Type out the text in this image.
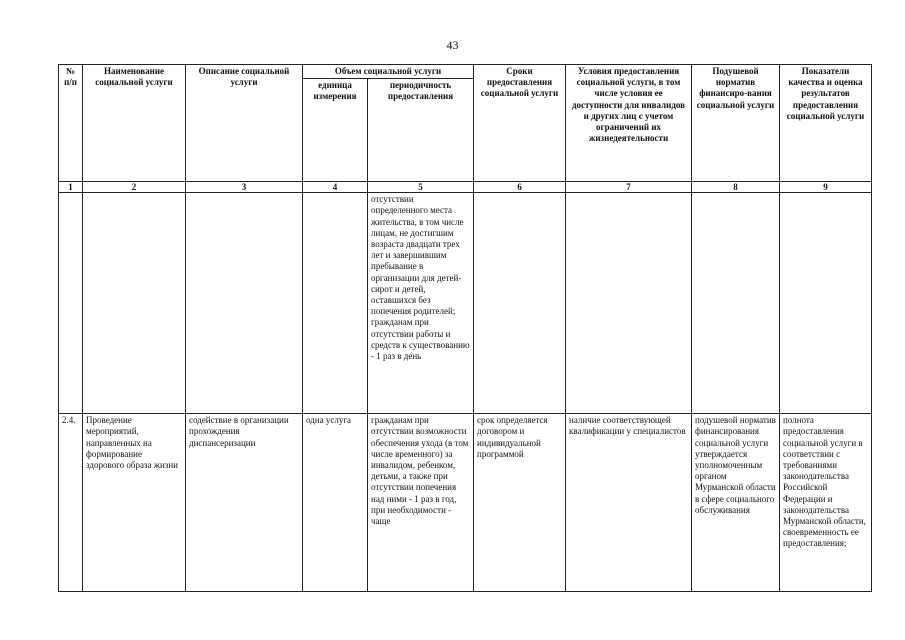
43
№ п/п	Наименование социальной услуги	Описание социальной услуги	Объем социальной услуги		Сроки предоставления социальной услуги	Условия предоставления социальной услуги, в том числе условия ее доступности для инвалидов и других лиц с учетом ограничений их жизнедеятельности	Подушевой норматив финансиро-вания социальной услуги	Показатели качества и оценка результатов предоставления социальной услуги
			единица измерения	периодичность предоставления				
1	2	3	4	5	6	7	8	9
				отсутствии определенного места жительства, в том числе лицам, не достигшим возраста двадцати трех лет и завершившим пребывание в организации для детей-сирот и детей, оставшихся без попечения родителей; гражданам при отсутствии работы и средств к существованию - 1 раз в день				
2.4.	Проведение мероприятий, направленных на формирование здорового образа жизни	содействие в организации прохождения диспансеризации	одна услуга	гражданам при отсутствии возможности обеспечения ухода (в том числе временного) за инвалидом, ребенком, детьми, а также при отсутствии попечения над ними - 1 раз в год, при необходимости - чаще	срок определяется договором и индивидуальной программой	наличие соответствующей квалификации у специалистов	подушевой норматив финансирования социальной услуги утверждается уполномоченным органом Мурманской области в сфере социального обслуживания	полнота предоставления социальной услуги в соответствии с требованиями законодательства Российской Федерации и законодательства Мурманской области, своевременность ее предоставления;
